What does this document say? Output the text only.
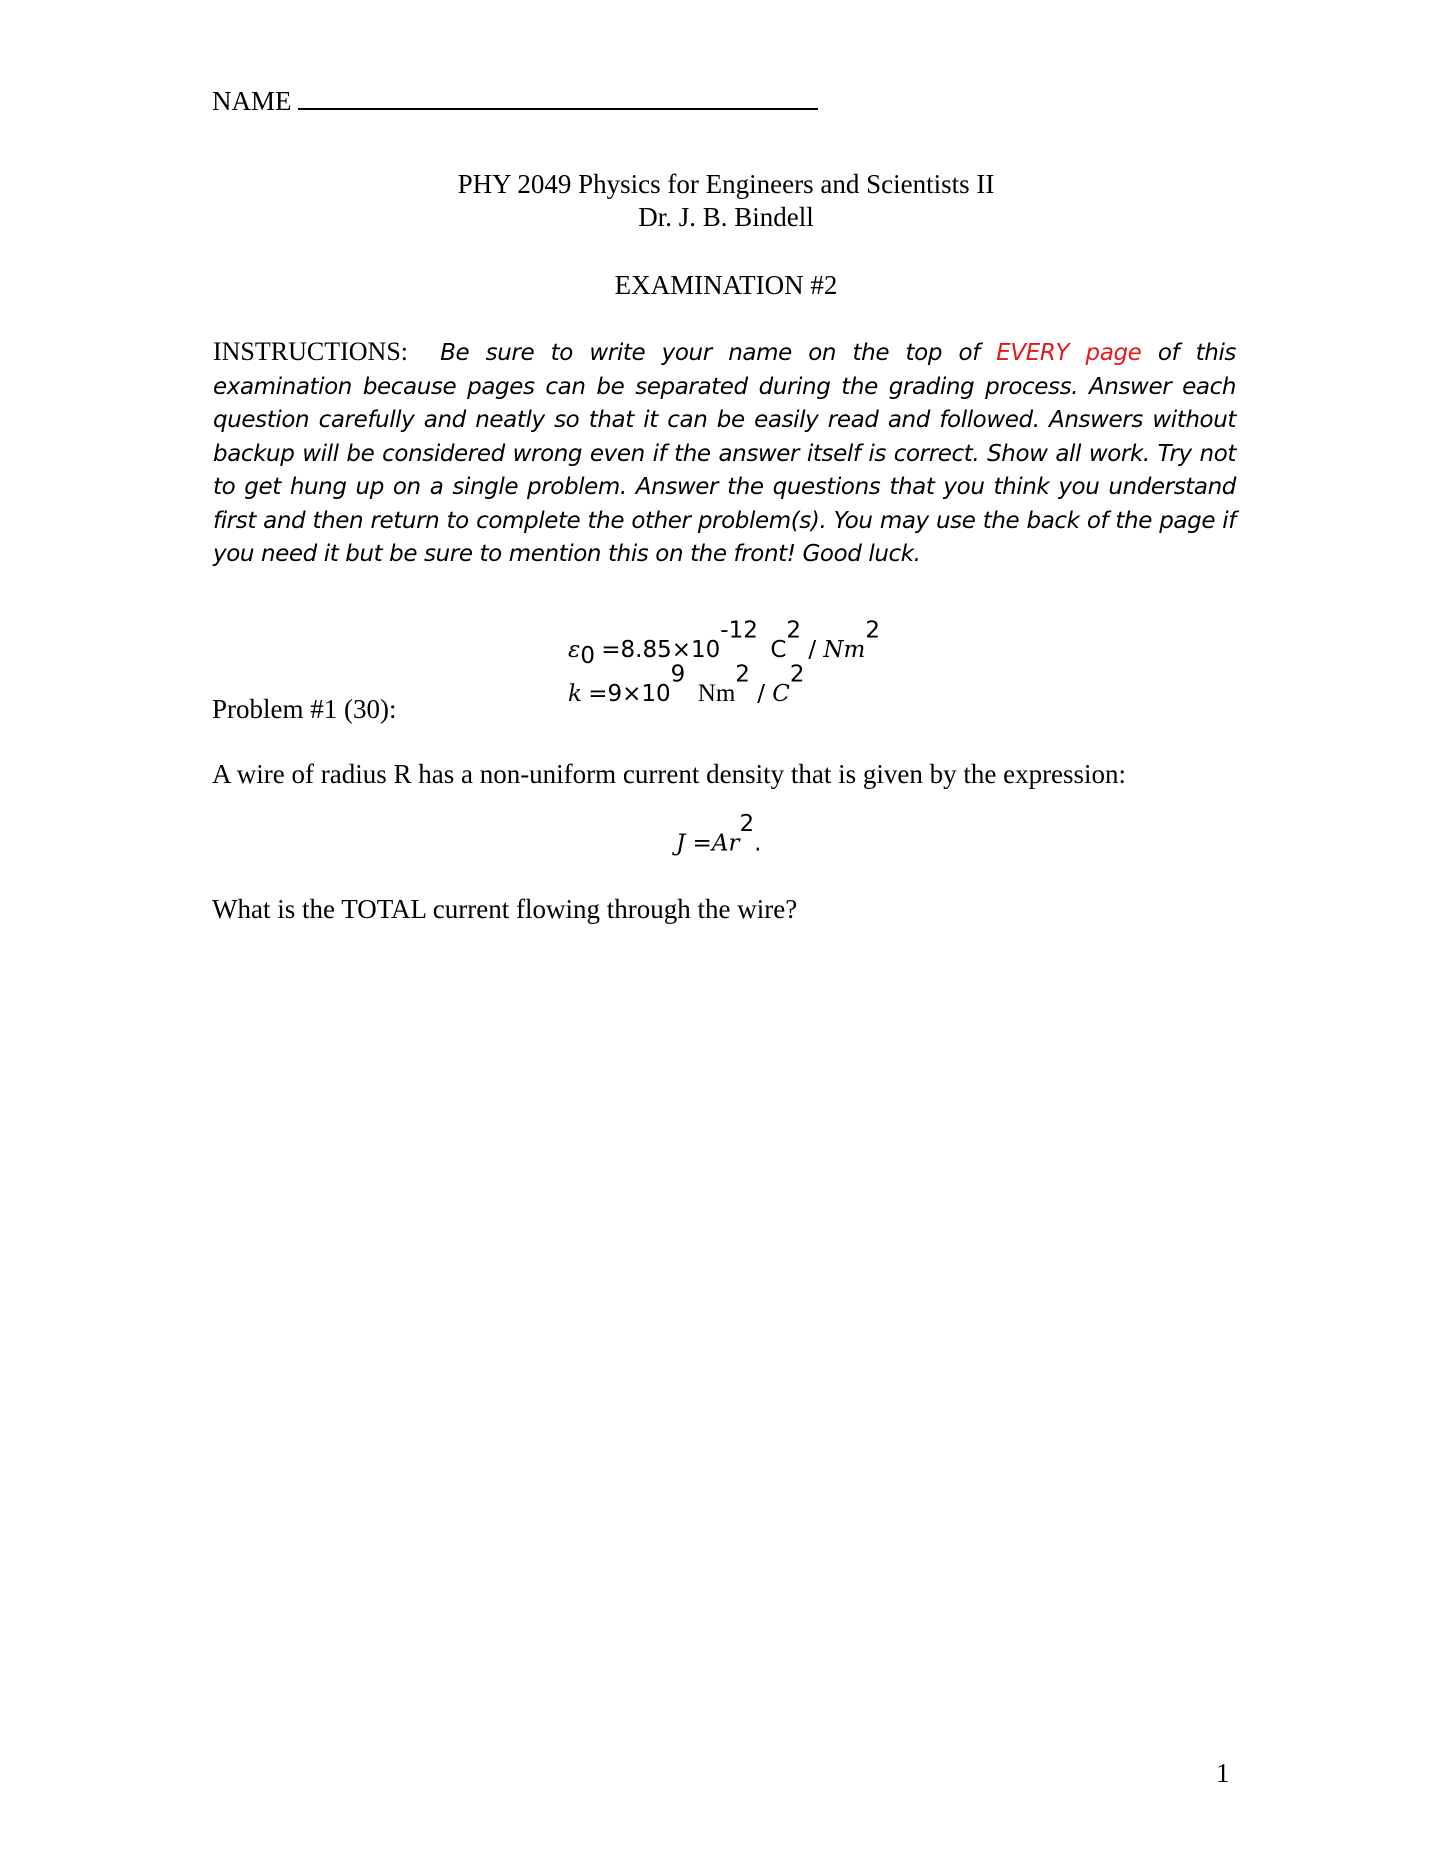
NAME
PHY 2049 Physics for Engineers and Scientists II
Dr. J. B. Bindell
EXAMINATION #2
INSTRUCTIONS: Be sure to write your name on the top of EVERY page of this examination because pages can be separated during the grading process. Answer each question carefully and neatly so that it can be easily read and followed. Answers without backup will be considered wrong even if the answer itself is correct. Show all work. Try not to get hung up on a single problem. Answer the questions that you think you understand first and then return to complete the other problem(s). You may use the back of the page if you need it but be sure to mention this on the front! Good luck.
$\varepsilon_0 =8.85\times 10^{-12}$  $C^2 / Nm^2$
$k =9\times 10^9$  $Nm^2 / C^2$
Problem #1 (30):
A wire of radius R has a non-uniform current density that is given by the expression:
$J =Ar^2$.
What is the TOTAL current flowing through the wire?
1
